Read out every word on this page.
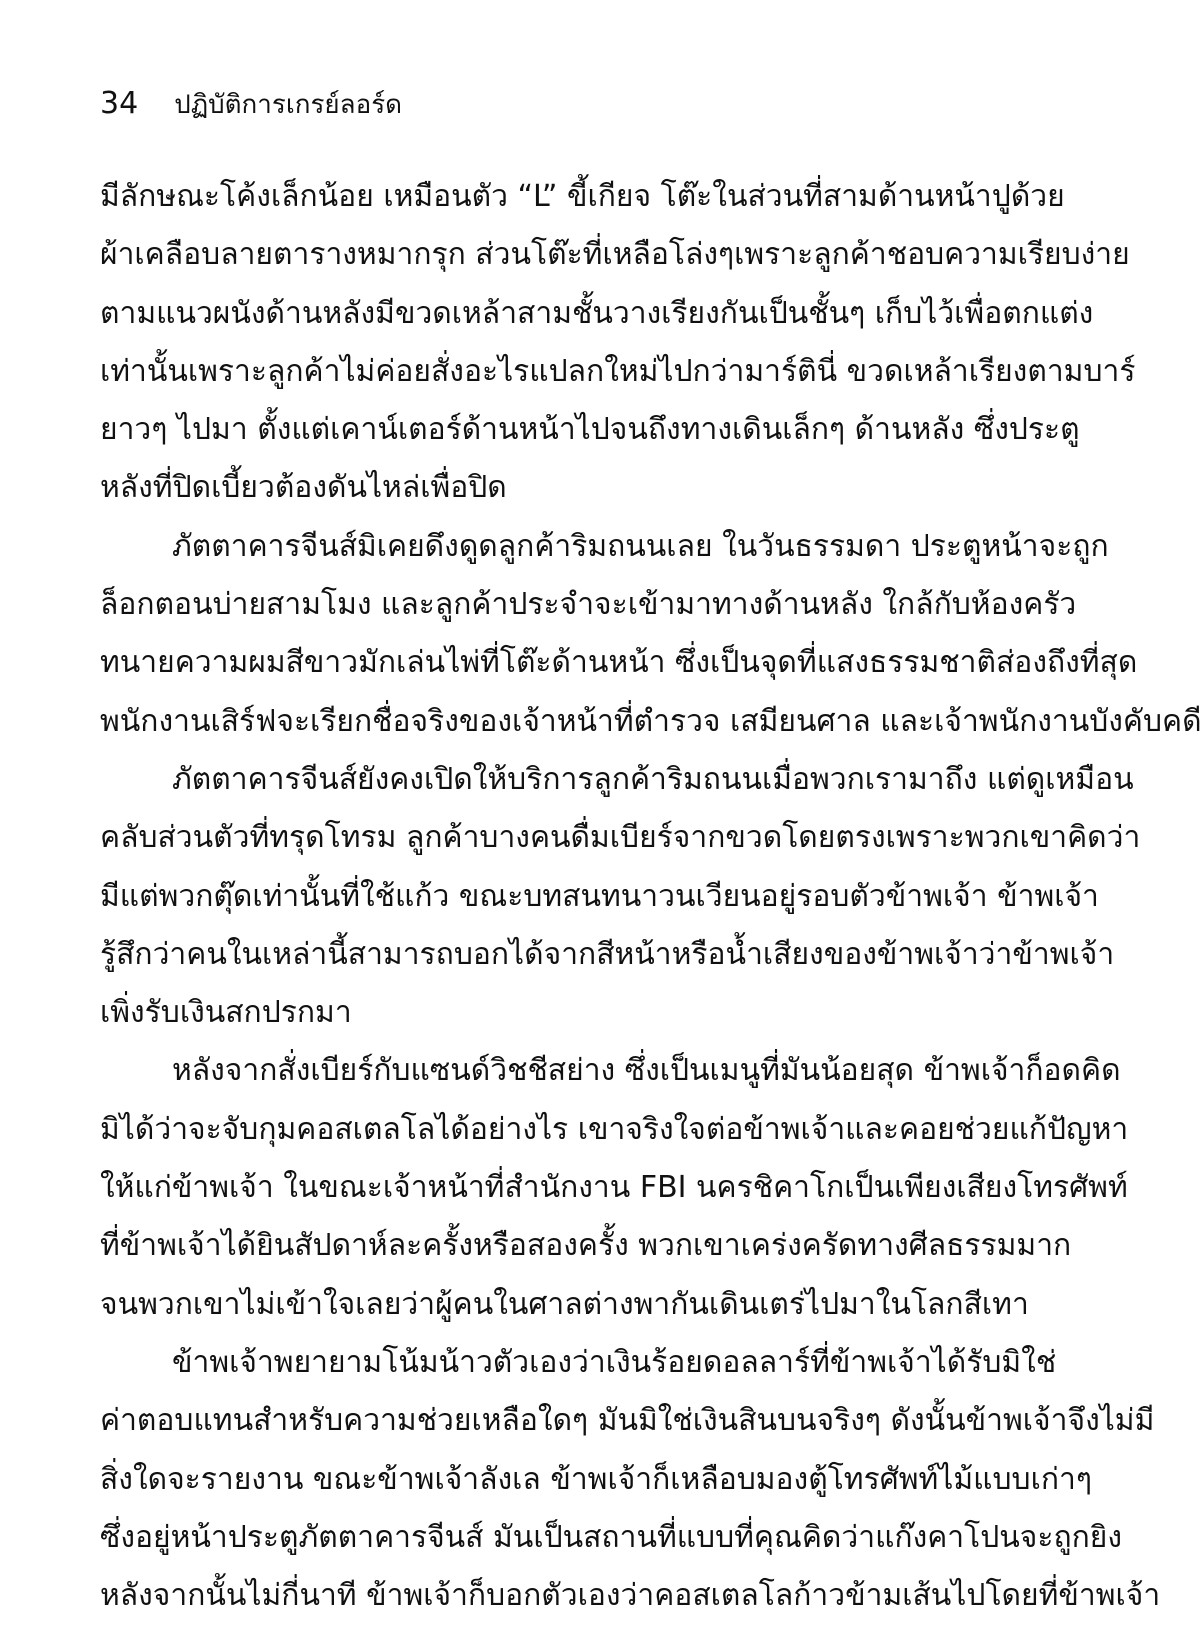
34 ปฏิบัติการเกรย์ลอร์ด
มีลักษณะโค้งเล็กน้อย เหมือนตัว “L” ขี้เกียจ โต๊ะในส่วนที่สามด้านหน้าปูด้วย
ผ้าเคลือบลายตารางหมากรุก ส่วนโต๊ะที่เหลือโล่งๆเพราะลูกค้าชอบความเรียบง่าย
ตามแนวผนังด้านหลังมีขวดเหล้าสามชั้นวางเรียงกันเป็นชั้นๆ เก็บไว้เพื่อตกแต่ง
เท่านั้นเพราะลูกค้าไม่ค่อยสั่งอะไรแปลกใหม่ไปกว่ามาร์ตินี่ ขวดเหล้าเรียงตามบาร์
ยาวๆ ไปมา ตั้งแต่เคาน์เตอร์ด้านหน้าไปจนถึงทางเดินเล็กๆ ด้านหลัง ซึ่งประตู
หลังที่ปิดเบี้ยวต้องดันไหล่เพื่อปิด
ภัตตาคารจีนส์มิเคยดึงดูดลูกค้าริมถนนเลย ในวันธรรมดา ประตูหน้าจะถูก
ล็อกตอนบ่ายสามโมง และลูกค้าประจำจะเข้ามาทางด้านหลัง ใกล้กับห้องครัว
ทนายความผมสีขาวมักเล่นไพ่ที่โต๊ะด้านหน้า ซึ่งเป็นจุดที่แสงธรรมชาติส่องถึงที่สุด
พนักงานเสิร์ฟจะเรียกชื่อจริงของเจ้าหน้าที่ตำรวจ เสมียนศาล และเจ้าพนักงานบังคับคดี
ภัตตาคารจีนส์ยังคงเปิดให้บริการลูกค้าริมถนนเมื่อพวกเรามาถึง แต่ดูเหมือน
คลับส่วนตัวที่ทรุดโทรม ลูกค้าบางคนดื่มเบียร์จากขวดโดยตรงเพราะพวกเขาคิดว่า
มีแต่พวกตุ๊ดเท่านั้นที่ใช้แก้ว ขณะบทสนทนาวนเวียนอยู่รอบตัวข้าพเจ้า ข้าพเจ้า
รู้สึกว่าคนในเหล่านี้สามารถบอกได้จากสีหน้าหรือน้ำเสียงของข้าพเจ้าว่าข้าพเจ้า
เพิ่งรับเงินสกปรกมา
หลังจากสั่งเบียร์กับแซนด์วิชชีสย่าง ซึ่งเป็นเมนูที่มันน้อยสุด ข้าพเจ้าก็อดคิด
มิได้ว่าจะจับกุมคอสเตลโลได้อย่างไร เขาจริงใจต่อข้าพเจ้าและคอยช่วยแก้ปัญหา
ให้แก่ข้าพเจ้า ในขณะเจ้าหน้าที่สำนักงาน FBI นครชิคาโกเป็นเพียงเสียงโทรศัพท์
ที่ข้าพเจ้าได้ยินสัปดาห์ละครั้งหรือสองครั้ง พวกเขาเคร่งครัดทางศีลธรรมมาก
จนพวกเขาไม่เข้าใจเลยว่าผู้คนในศาลต่างพากันเดินเตร่ไปมาในโลกสีเทา
ข้าพเจ้าพยายามโน้มน้าวตัวเองว่าเงินร้อยดอลลาร์ที่ข้าพเจ้าได้รับมิใช่
ค่าตอบแทนสำหรับความช่วยเหลือใดๆ มันมิใช่เงินสินบนจริงๆ ดังนั้นข้าพเจ้าจึงไม่มี
สิ่งใดจะรายงาน ขณะข้าพเจ้าลังเล ข้าพเจ้าก็เหลือบมองตู้โทรศัพท์ไม้แบบเก่าๆ
ซึ่งอยู่หน้าประตูภัตตาคารจีนส์ มันเป็นสถานที่แบบที่คุณคิดว่าแก๊งคาโปนจะถูกยิง
หลังจากนั้นไม่กี่นาที ข้าพเจ้าก็บอกตัวเองว่าคอสเตลโลก้าวข้ามเส้นไปโดยที่ข้าพเจ้า
